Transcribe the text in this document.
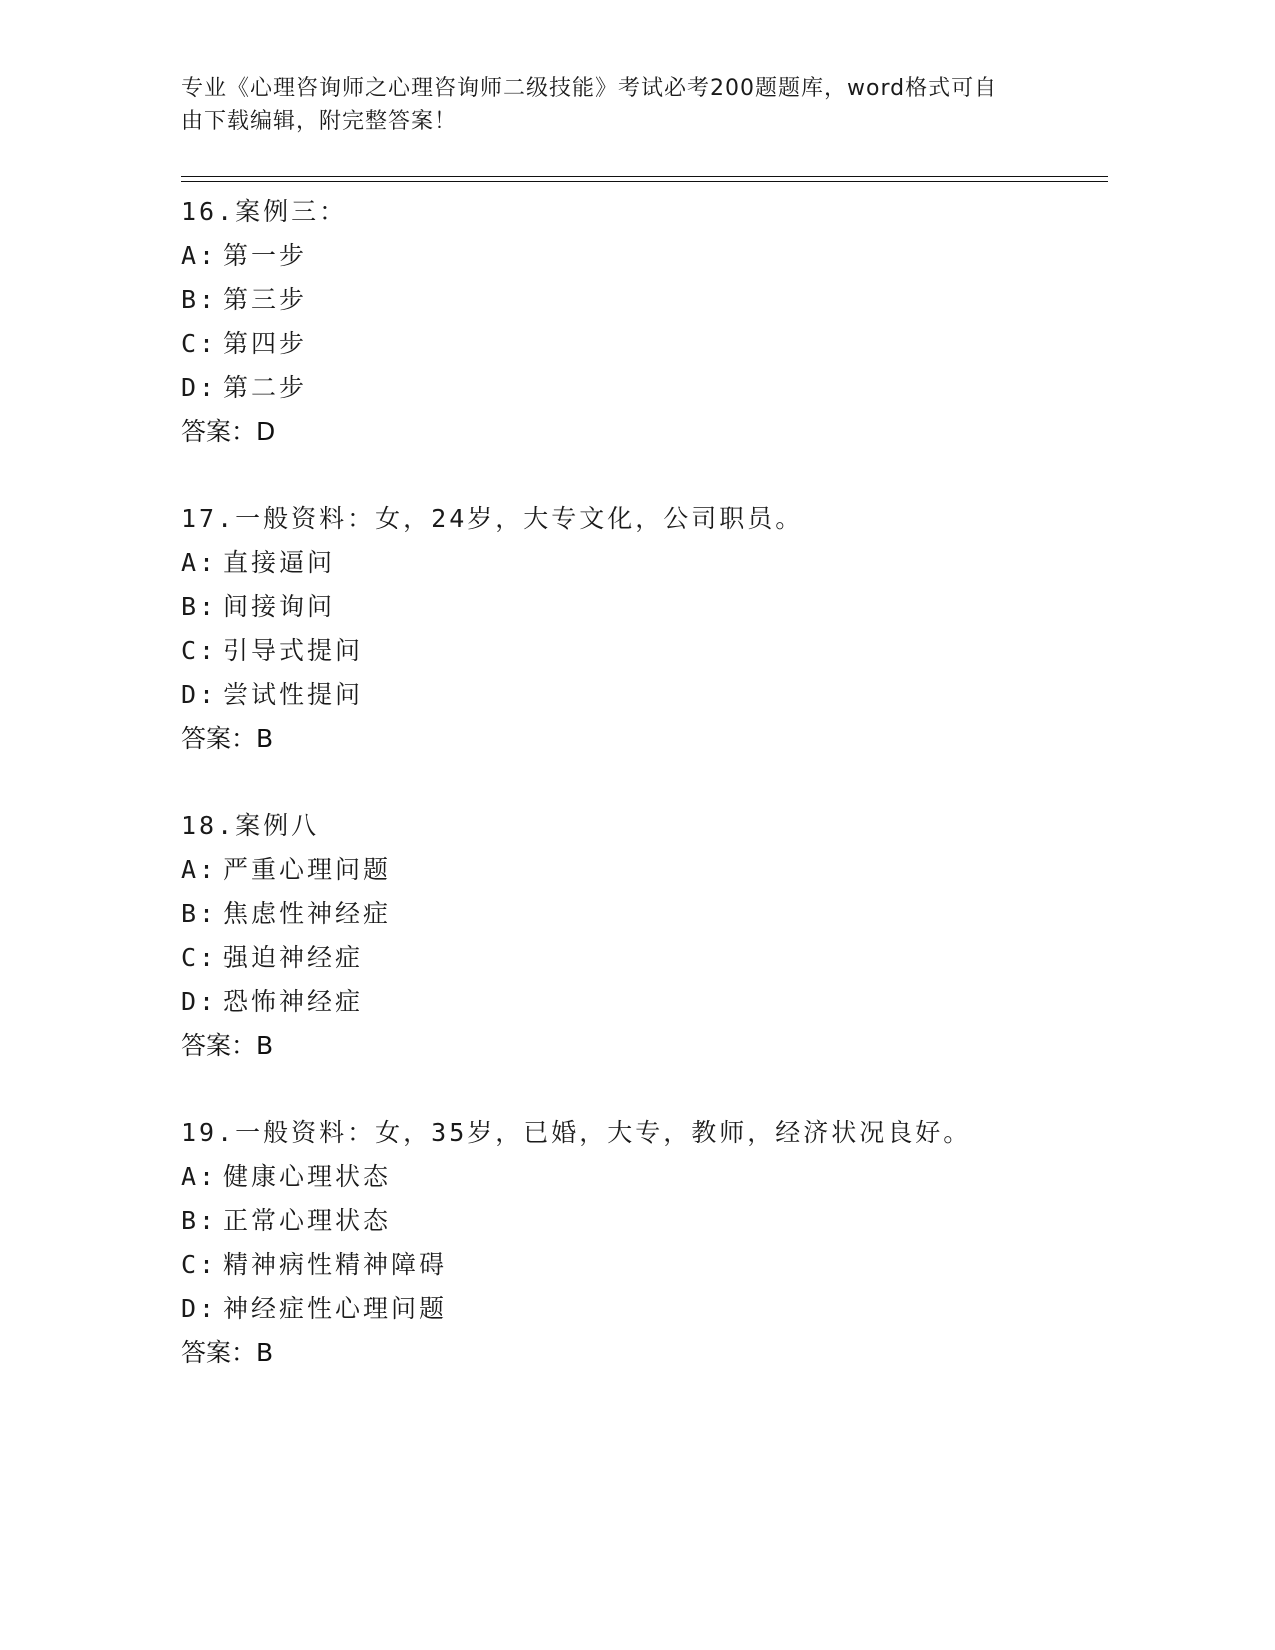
专业《心理咨询师之心理咨询师二级技能》考试必考200题题库，word格式可自
由下载编辑，附完整答案！
16. 案例三：
A: 第一步
B: 第三步
C: 第四步
D: 第二步
答案：D
17. 一般资料：女，24岁，大专文化，公司职员。
A: 直接逼问
B: 间接询问
C: 引导式提问
D: 尝试性提问
答案：B
18. 案例八
A: 严重心理问题
B: 焦虑性神经症
C: 强迫神经症
D: 恐怖神经症
答案：B
19. 一般资料：女，35岁，已婚，大专，教师，经济状况良好。
A: 健康心理状态
B: 正常心理状态
C: 精神病性精神障碍
D: 神经症性心理问题
答案：B
